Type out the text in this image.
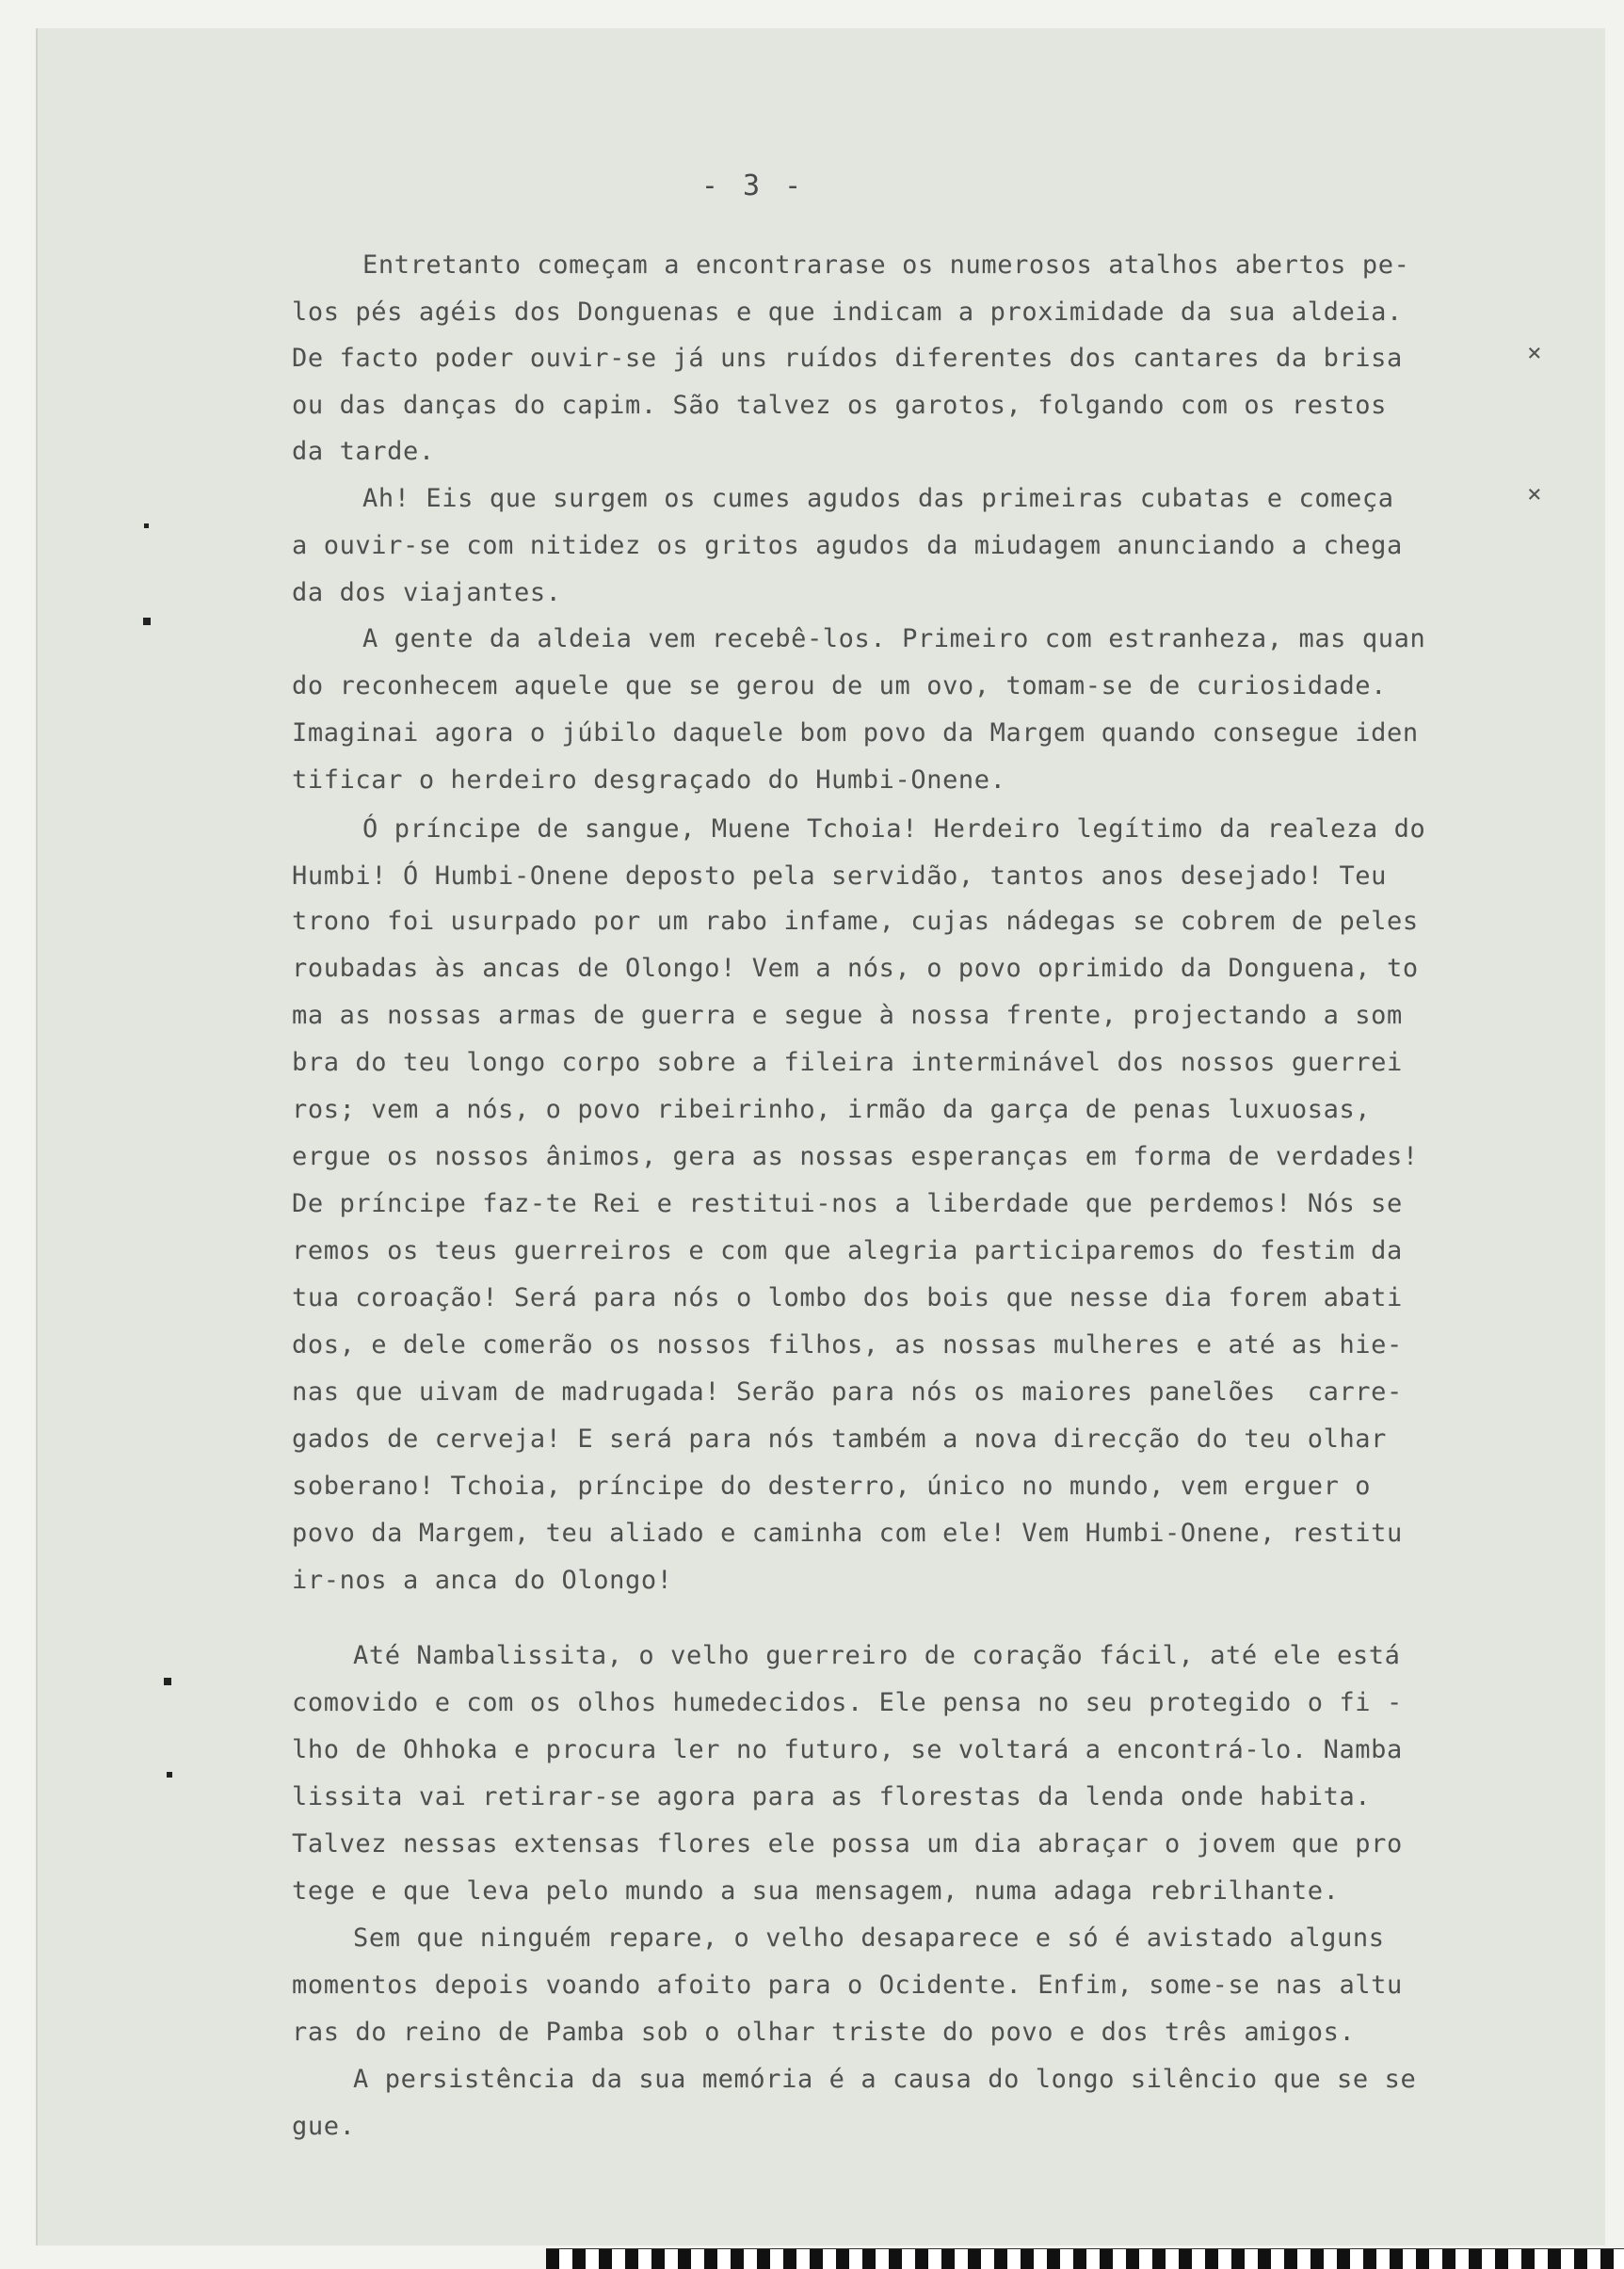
- 3 -
Entretanto começam a encontrarase os numerosos atalhos abertos pe-
los pés agéis dos Donguenas e que indicam a proximidade da sua aldeia.
De facto poder ouvir-se já uns ruídos diferentes dos cantares da brisa
ou das danças do capim. São talvez os garotos, folgando com os restos
da tarde.
Ah! Eis que surgem os cumes agudos das primeiras cubatas e começa
a ouvir-se com nitidez os gritos agudos da miudagem anunciando a chega
da dos viajantes.
A gente da aldeia vem recebê-los. Primeiro com estranheza, mas quan
do reconhecem aquele que se gerou de um ovo, tomam-se de curiosidade.
Imaginai agora o júbilo daquele bom povo da Margem quando consegue iden
tificar o herdeiro desgraçado do Humbi-Onene.
Ó príncipe de sangue, Muene Tchoia! Herdeiro legítimo da realeza do
Humbi! Ó Humbi-Onene deposto pela servidão, tantos anos desejado! Teu
trono foi usurpado por um rabo infame, cujas nádegas se cobrem de peles
roubadas às ancas de Olongo! Vem a nós, o povo oprimido da Donguena, to
ma as nossas armas de guerra e segue à nossa frente, projectando a som
bra do teu longo corpo sobre a fileira interminável dos nossos guerrei
ros; vem a nós, o povo ribeirinho, irmão da garça de penas luxuosas,
ergue os nossos ânimos, gera as nossas esperanças em forma de verdades!
De príncipe faz-te Rei e restitui-nos a liberdade que perdemos! Nós se
remos os teus guerreiros e com que alegria participaremos do festim da
tua coroação! Será para nós o lombo dos bois que nesse dia forem abati
dos, e dele comerão os nossos filhos, as nossas mulheres e até as hie-
nas que uivam de madrugada! Serão para nós os maiores panelões  carre-
gados de cerveja! E será para nós também a nova direcção do teu olhar
soberano! Tchoia, príncipe do desterro, único no mundo, vem erguer o
povo da Margem, teu aliado e caminha com ele! Vem Humbi-Onene, restitu
ir-nos a anca do Olongo!
Até Nambalissita, o velho guerreiro de coração fácil, até ele está
comovido e com os olhos humedecidos. Ele pensa no seu protegido o fi -
lho de Ohhoka e procura ler no futuro, se voltará a encontrá-lo. Namba
lissita vai retirar-se agora para as florestas da lenda onde habita.
Talvez nessas extensas flores ele possa um dia abraçar o jovem que pro
tege e que leva pelo mundo a sua mensagem, numa adaga rebrilhante.
Sem que ninguém repare, o velho desaparece e só é avistado alguns
momentos depois voando afoito para o Ocidente. Enfim, some-se nas altu
ras do reino de Pamba sob o olhar triste do povo e dos três amigos.
A persistência da sua memória é a causa do longo silêncio que se se
gue.
×
×
